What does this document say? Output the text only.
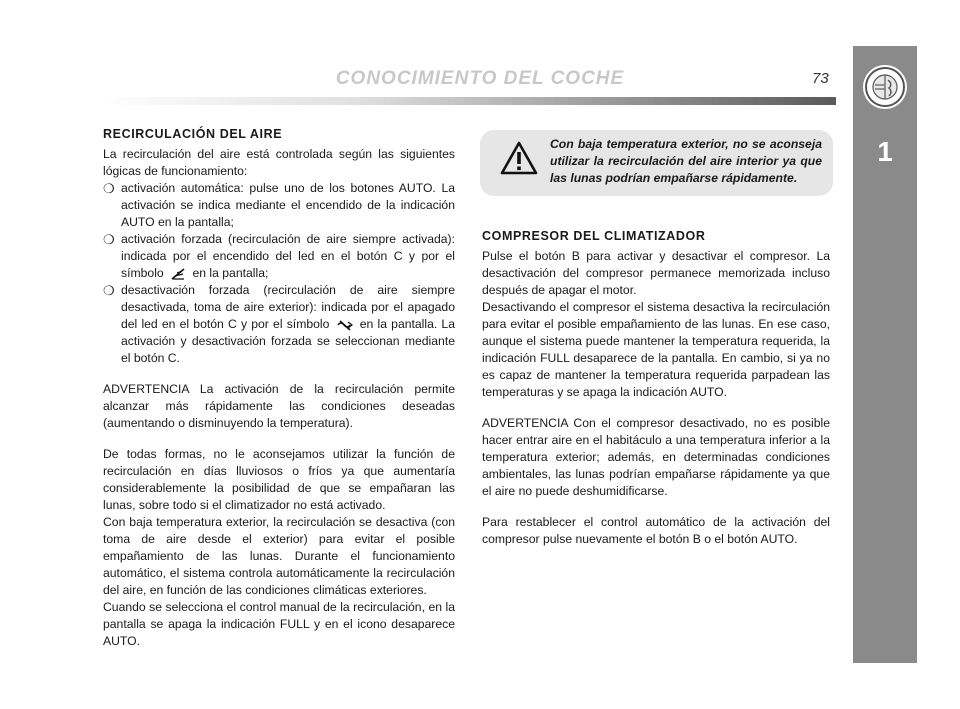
CONOCIMIENTO DEL COCHE	73
1
RECIRCULACIÓN DEL AIRE

La recirculación del aire está controlada según las siguientes lógicas de funcionamiento:

❍ activación automática: pulse uno de los botones AUTO. La activación se indica mediante el encendido de la indicación AUTO en la pantalla;
❍ activación forzada (recirculación de aire siempre activada): indicada por el encendido del led en el botón C y por el símbolo en la pantalla;
❍ desactivación forzada (recirculación de aire siempre desactivada, toma de aire exterior): indicada por el apagado del led en el botón C y por el símbolo en la pantalla. La activación y desactivación forzada se seleccionan mediante el botón C.

ADVERTENCIA La activación de la recirculación permite alcanzar más rápidamente las condiciones deseadas (aumentando o disminuyendo la temperatura).

De todas formas, no le aconsejamos utilizar la función de recirculación en días lluviosos o fríos ya que aumentaría considerablemente la posibilidad de que se empañaran las lunas, sobre todo si el climatizador no está activado.

Con baja temperatura exterior, la recirculación se desactiva (con toma de aire desde el exterior) para evitar el posible empañamiento de las lunas. Durante el funcionamiento automático, el sistema controla automáticamente la recirculación del aire, en función de las condiciones climáticas exteriores.

Cuando se selecciona el control manual de la recirculación, en la pantalla se apaga la indicación FULL y en el icono desaparece AUTO.

Con baja temperatura exterior, no se aconseja utilizar la recirculación del aire interior ya que las lunas podrían empañarse rápidamente.
COMPRESOR DEL CLIMATIZADOR

Pulse el botón B para activar y desactivar el compresor. La desactivación del compresor permanece memorizada incluso después de apagar el motor.

Desactivando el compresor el sistema desactiva la recirculación para evitar el posible empañamiento de las lunas. En ese caso, aunque el sistema puede mantener la temperatura requerida, la indicación FULL desaparece de la pantalla. En cambio, si ya no es capaz de mantener la temperatura requerida parpadean las temperaturas y se apaga la indicación AUTO.

ADVERTENCIA Con el compresor desactivado, no es posible hacer entrar aire en el habitáculo a una temperatura inferior a la temperatura exterior; además, en determinadas condiciones ambientales, las lunas podrían empañarse rápidamente ya que el aire no puede deshumidificarse.

Para restablecer el control automático de la activación del compresor pulse nuevamente el botón B o el botón AUTO.
